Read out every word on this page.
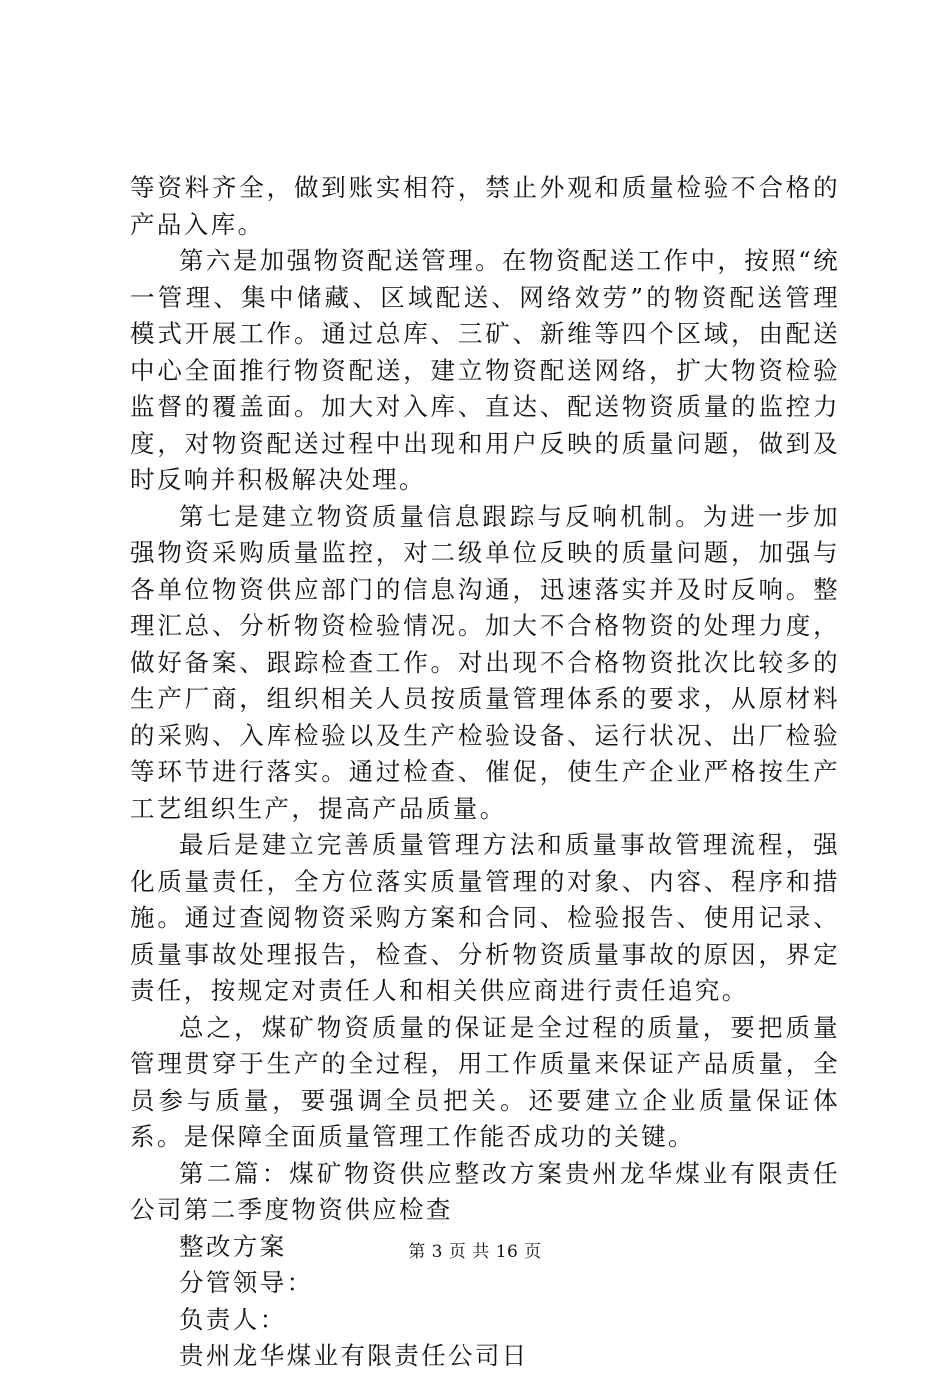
等资料齐全，做到账实相符，禁止外观和质量检验不合格的产品入库。

第六是加强物资配送管理。在物资配送工作中，按照“统一管理、集中储藏、区域配送、网络效劳”的物资配送管理模式开展工作。通过总库、三矿、新维等四个区域，由配送中心全面推行物资配送，建立物资配送网络，扩大物资检验监督的覆盖面。加大对入库、直达、配送物资质量的监控力度，对物资配送过程中出现和用户反映的质量问题，做到及时反响并积极解决处理。

第七是建立物资质量信息跟踪与反响机制。为进一步加强物资采购质量监控，对二级单位反映的质量问题，加强与各单位物资供应部门的信息沟通，迅速落实并及时反响。整理汇总、分析物资检验情况。加大不合格物资的处理力度，做好备案、跟踪检查工作。对出现不合格物资批次比较多的生产厂商，组织相关人员按质量管理体系的要求，从原材料的采购、入库检验以及生产检验设备、运行状况、出厂检验等环节进行落实。通过检查、催促，使生产企业严格按生产工艺组织生产，提高产品质量。

最后是建立完善质量管理方法和质量事故管理流程，强化质量责任，全方位落实质量管理的对象、内容、程序和措施。通过查阅物资采购方案和合同、检验报告、使用记录、质量事故处理报告，检查、分析物资质量事故的原因，界定责任，按规定对责任人和相关供应商进行责任追究。

总之，煤矿物资质量的保证是全过程的质量，要把质量管理贯穿于生产的全过程，用工作质量来保证产品质量，全员参与质量，要强调全员把关。还要建立企业质量保证体系。是保障全面质量管理工作能否成功的关键。

第二篇：煤矿物资供应整改方案贵州龙华煤业有限责任公司第二季度物资供应检查

整改方案

分管领导：

负责人：

贵州龙华煤业有限责任公司日

第 3 页 共 16 页
